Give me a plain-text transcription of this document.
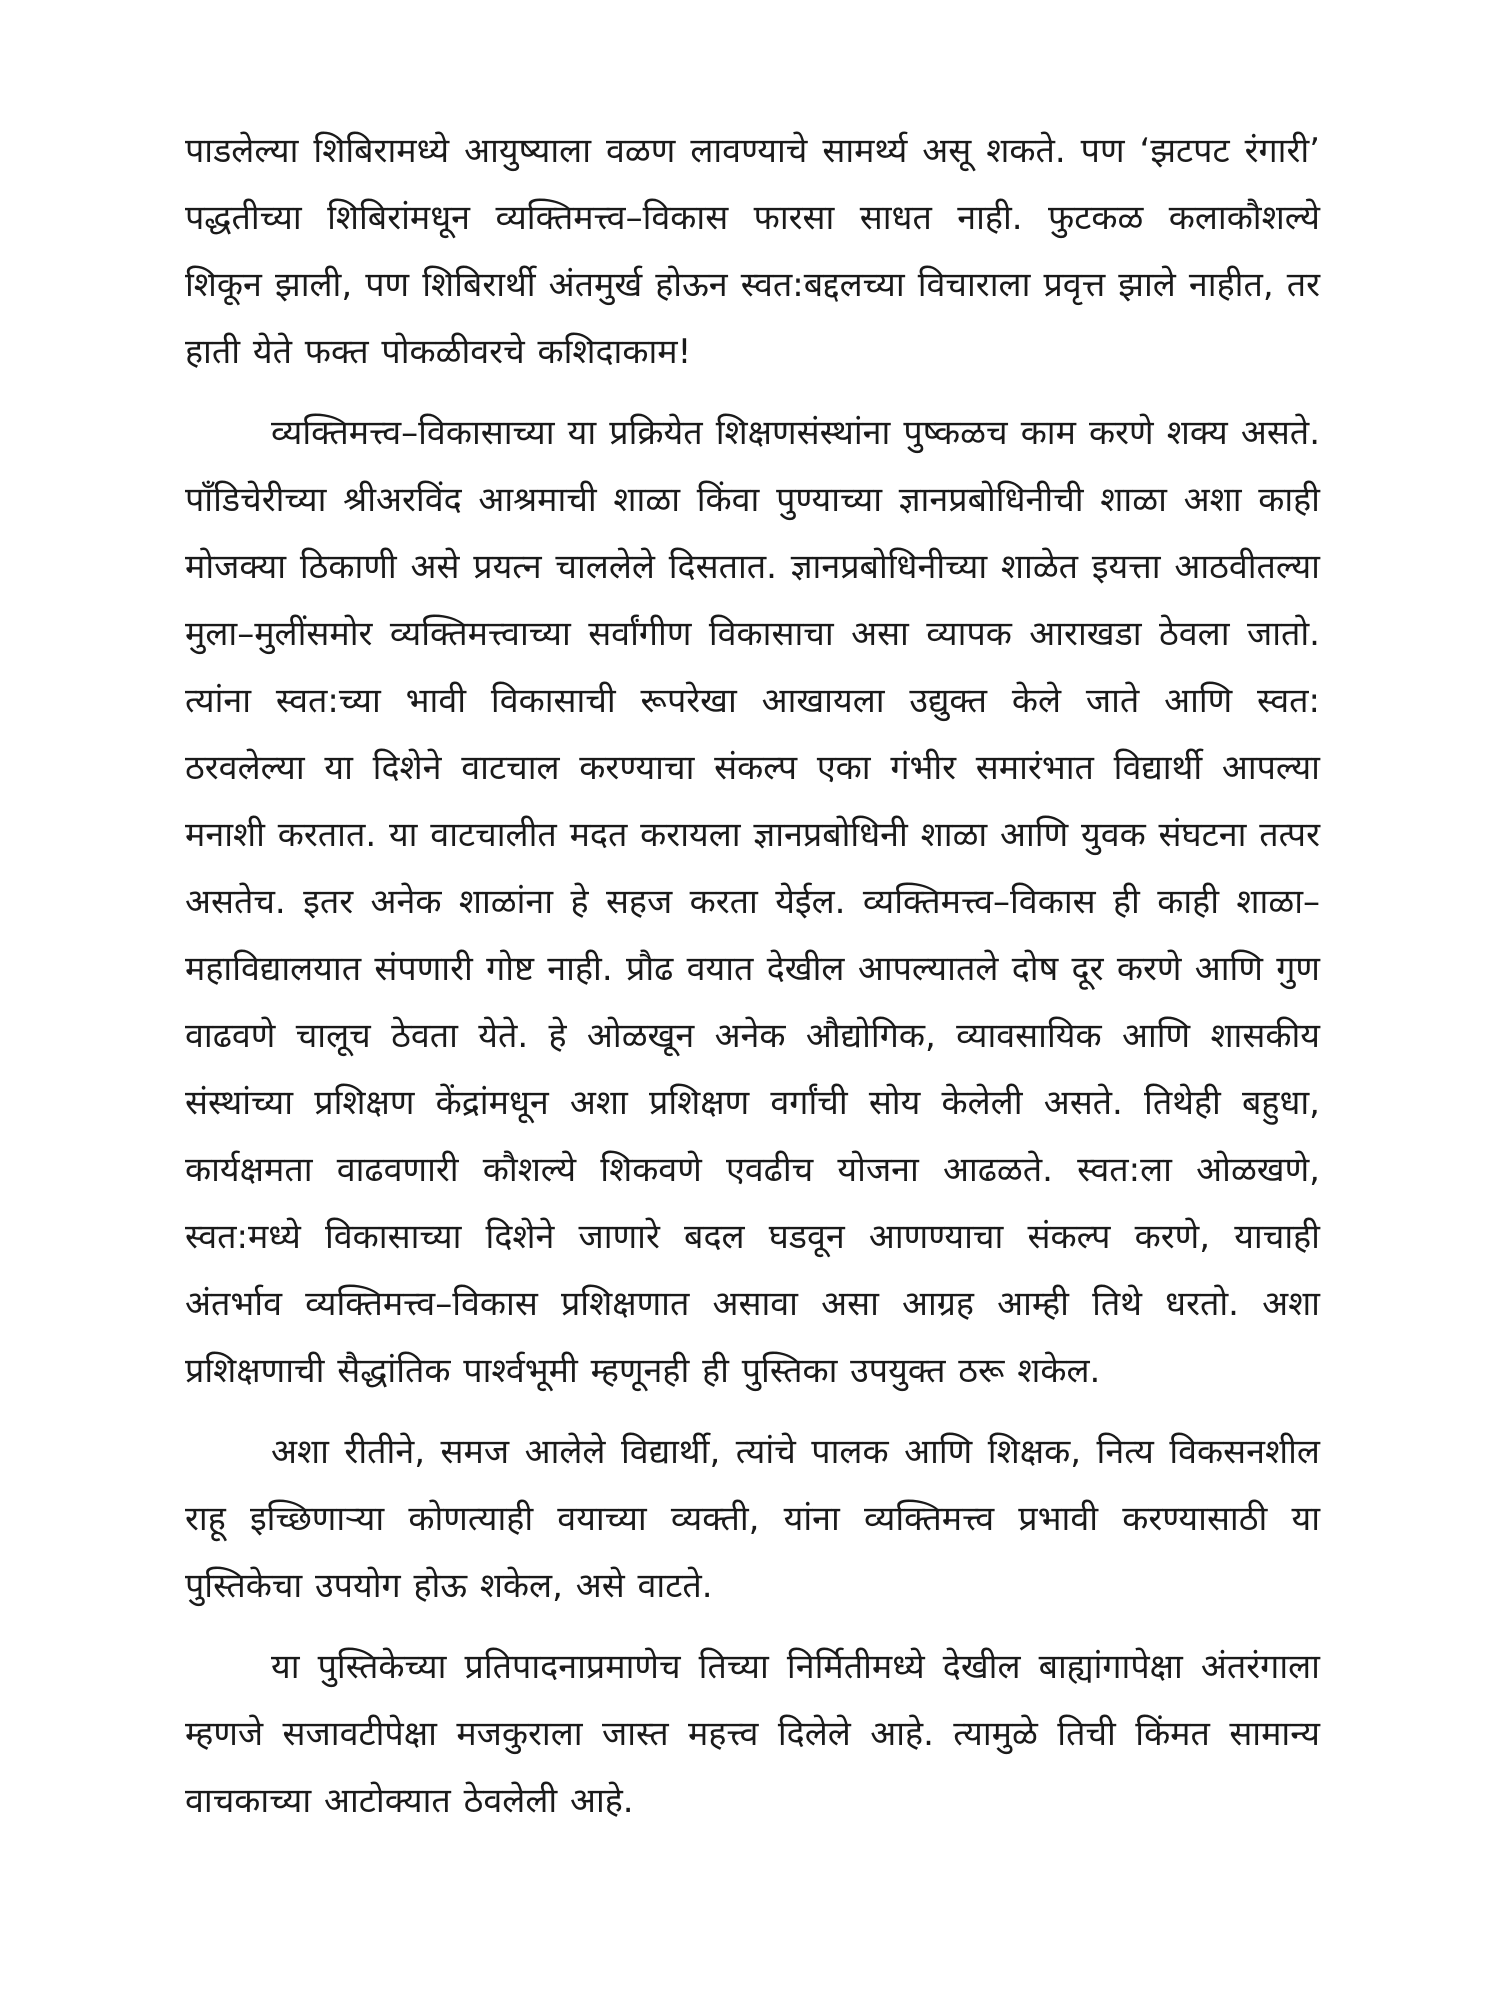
पाडलेल्या शिबिरामध्ये आयुष्याला वळण लावण्याचे सामर्थ्य असू शकते. पण ‘झटपट रंगारी’ पद्धतीच्या शिबिरांमधून व्यक्तिमत्त्व–विकास फारसा साधत नाही. फुटकळ कलाकौशल्ये शिकून झाली, पण शिबिरार्थी अंतमुर्ख होऊन स्वत:बद्दलच्या विचाराला प्रवृत्त झाले नाहीत, तर हाती येते फक्त पोकळीवरचे कशिदाकाम!

व्यक्तिमत्त्व–विकासाच्या या प्रक्रियेत शिक्षणसंस्थांना पुष्कळच काम करणे शक्य असते. पाँडिचेरीच्या श्रीअरविंद आश्रमाची शाळा किंवा पुण्याच्या ज्ञानप्रबोधिनीची शाळा अशा काही मोजक्या ठिकाणी असे प्रयत्न चाललेले दिसतात. ज्ञानप्रबोधिनीच्या शाळेत इयत्ता आठवीतल्या मुला–मुलींसमोर व्यक्तिमत्त्वाच्या सर्वांगीण विकासाचा असा व्यापक आराखडा ठेवला जातो. त्यांना स्वत:च्या भावी विकासाची रूपरेखा आखायला उद्युक्त केले जाते आणि स्वत: ठरवलेल्या या दिशेने वाटचाल करण्याचा संकल्प एका गंभीर समारंभात विद्यार्थी आपल्या मनाशी करतात. या वाटचालीत मदत करायला ज्ञानप्रबोधिनी शाळा आणि युवक संघटना तत्पर असतेच. इतर अनेक शाळांना हे सहज करता येईल. व्यक्तिमत्त्व–विकास ही काही शाळा–महाविद्यालयात संपणारी गोष्ट नाही. प्रौढ वयात देखील आपल्यातले दोष दूर करणे आणि गुण वाढवणे चालूच ठेवता येते. हे ओळखून अनेक औद्योगिक, व्यावसायिक आणि शासकीय संस्थांच्या प्रशिक्षण केंद्रांमधून अशा प्रशिक्षण वर्गांची सोय केलेली असते. तिथेही बहुधा, कार्यक्षमता वाढवणारी कौशल्ये शिकवणे एवढीच योजना आढळते. स्वत:ला ओळखणे, स्वत:मध्ये विकासाच्या दिशेने जाणारे बदल घडवून आणण्याचा संकल्प करणे, याचाही अंतर्भाव व्यक्तिमत्त्व–विकास प्रशिक्षणात असावा असा आग्रह आम्ही तिथे धरतो. अशा प्रशिक्षणाची सैद्धांतिक पार्श्वभूमी म्हणूनही ही पुस्तिका उपयुक्त ठरू शकेल.

अशा रीतीने, समज आलेले विद्यार्थी, त्यांचे पालक आणि शिक्षक, नित्य विकसनशील राहू इच्छिणाऱ्या कोणत्याही वयाच्या व्यक्ती, यांना व्यक्तिमत्त्व प्रभावी करण्यासाठी या पुस्तिकेचा उपयोग होऊ शकेल, असे वाटते.

या पुस्तिकेच्या प्रतिपादनाप्रमाणेच तिच्या निर्मितीमध्ये देखील बाह्यांगापेक्षा अंतरंगाला म्हणजे सजावटीपेक्षा मजकुराला जास्त महत्त्व दिलेले आहे. त्यामुळे तिची किंमत सामान्य वाचकाच्या आटोक्यात ठेवलेली आहे.
